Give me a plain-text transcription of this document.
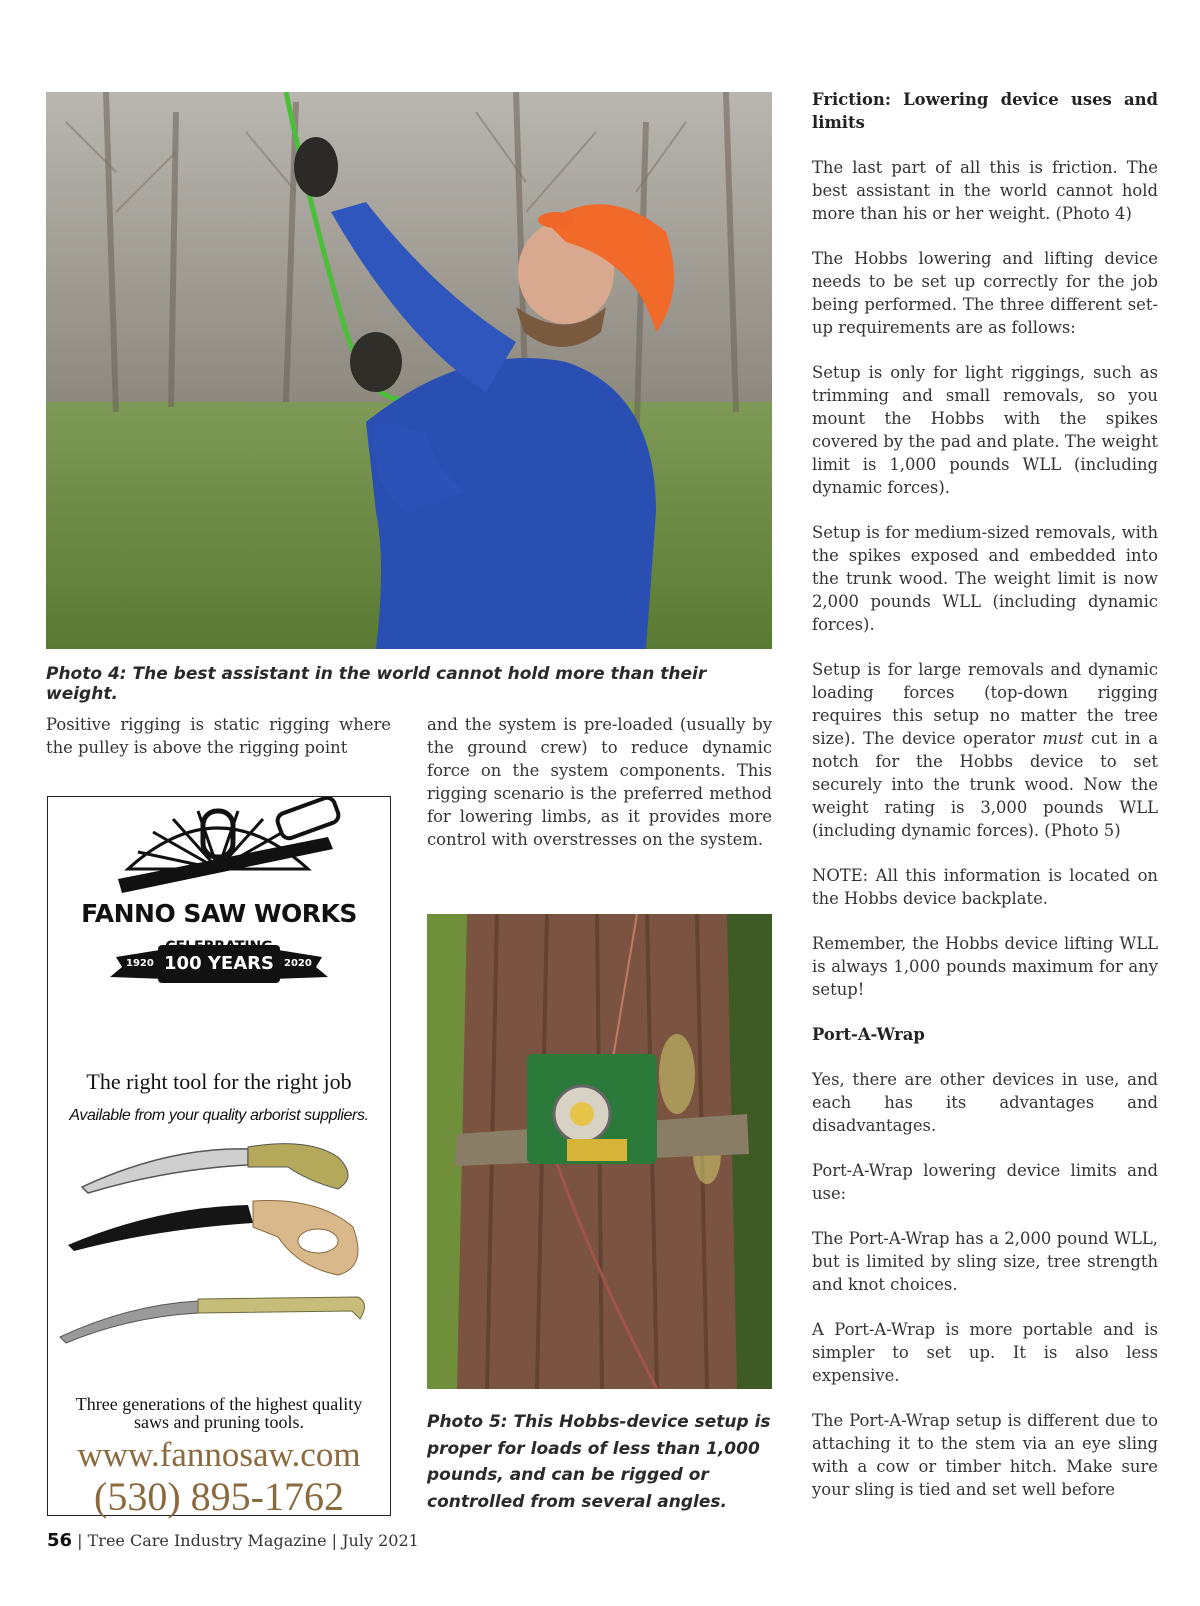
Photo 4: The best assistant in the world cannot hold more than their weight.

Positive rigging is static rigging where the pulley is above the rigging point

and the system is pre-loaded (usually by the ground crew) to reduce dynamic force on the system components. This rigging scenario is the preferred method for lowering limbs, as it provides more control with overstresses on the system.

FANNO SAW WORKS
CELEBRATING
1920 100 YEARS	2020
The right tool for the right job
Available from your quality arborist suppliers.
Three generations of the highest quality saws and pruning tools.
www.fannosaw.com
(530) 895-1762
Photo 5: This Hobbs-device setup is proper for loads of less than 1,000 pounds, and can be rigged or controlled from several angles.
Friction: Lowering device uses and limits

The last part of all this is friction. The best assistant in the world cannot hold more than his or her weight. (Photo 4)

The Hobbs lowering and lifting device needs to be set up correctly for the job being performed. The three different set-up requirements are as follows:

Setup is only for light riggings, such as trimming and small removals, so you mount the Hobbs with the spikes covered by the pad and plate. The weight limit is 1,000 pounds WLL (including dynamic forces).

Setup is for medium-sized removals, with the spikes exposed and embedded into the trunk wood. The weight limit is now 2,000 pounds WLL (including dynamic forces).

Setup is for large removals and dynamic loading forces (top-down rigging requires this setup no matter the tree size). The device operator must cut in a notch for the Hobbs device to set securely into the trunk wood. Now the weight rating is 3,000 pounds WLL (including dynamic forces). (Photo 5)

NOTE: All this information is located on the Hobbs device backplate.

Remember, the Hobbs device lifting WLL is always 1,000 pounds maximum for any setup!

Port-A-Wrap

Yes, there are other devices in use, and each has its advantages and disadvantages.

Port-A-Wrap lowering device limits and use:

The Port-A-Wrap has a 2,000 pound WLL, but is limited by sling size, tree strength and knot choices.

A Port-A-Wrap is more portable and is simpler to set up. It is also less expensive.

The Port-A-Wrap setup is different due to attaching it to the stem via an eye sling with a cow or timber hitch. Make sure your sling is tied and set well before

56 | Tree Care Industry Magazine | July 2021
